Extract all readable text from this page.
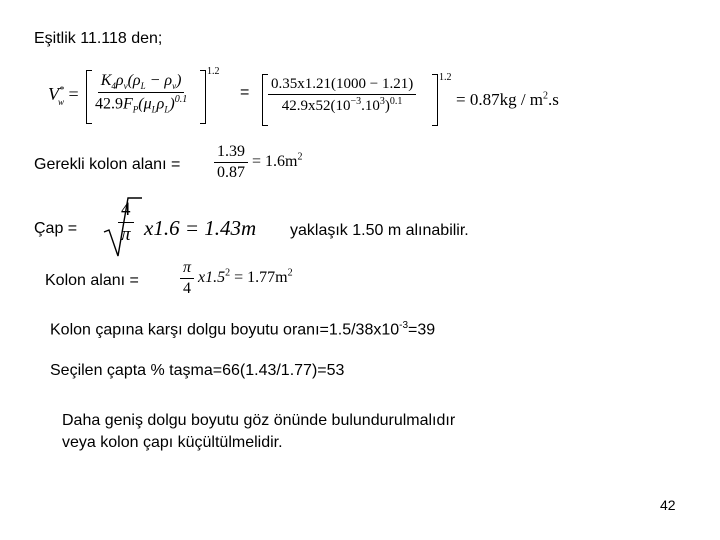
Eşitlik 11.118 den;
$V^*_w = \frac{K_4\rho_v(\rho_L - \rho_v)}{42.9F_P(\mu_L\rho_L)^{0.1}}$
1.2
= $\frac{0.35x1.21(1000 - 1.21)}{42.9x52(10^{-3}.10^3)^{0.1}} 1.2$
= $0.87kg / m^2.s$
Gerekli kolon alanı = $\frac{1.39}{0.87} = 1.6m^2$
Çap = $\frac{4}{\pi} x1.6 = 1.43m$ yaklaşık 1.50 m alınabilir.
Kolon alanı =	$\frac{\pi}{4} x1.5^2 = 1.77m^2$
Kolon çapına karşı dolgu boyutu $oranı=1.5/38x10^{-3}=39$
Seçilen çapta % taşma=66(1.43/1.77)=53
Daha geniş dolgu boyutu göz önünde bulundurulmalıdır
veya kolon çapı küçültülmelidir.
42
